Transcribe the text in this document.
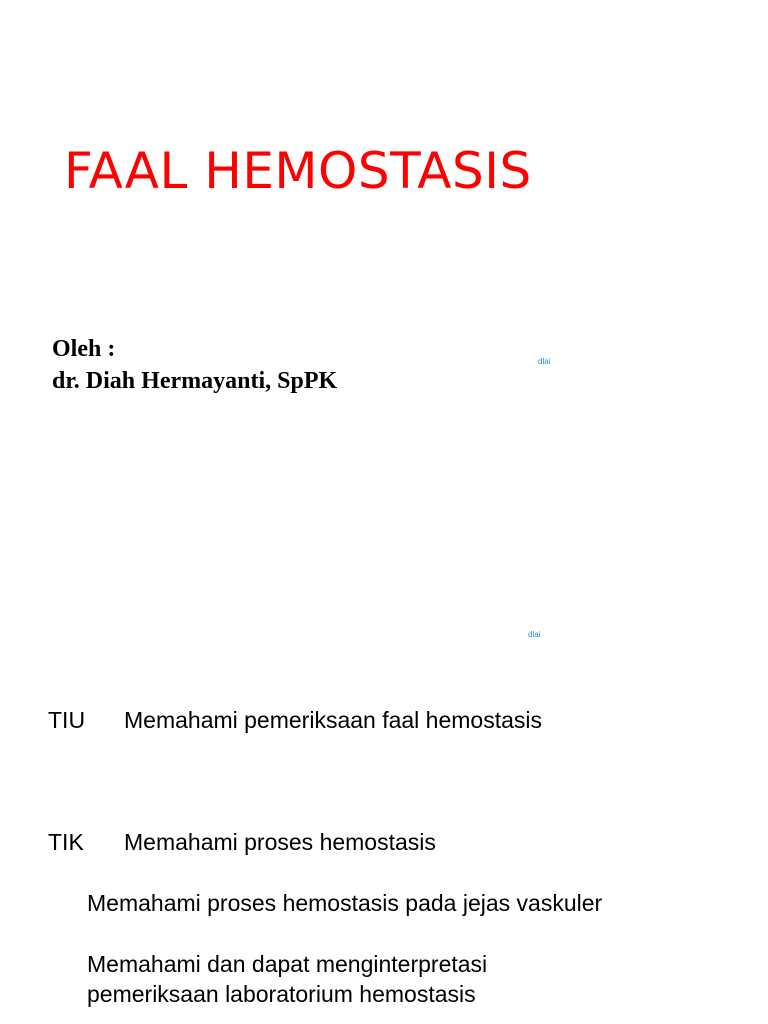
FAAL HEMOSTASIS
Oleh :
dr. Diah Hermayanti, SpPK
dlai
dlai
TIU Memahami pemeriksaan faal hemostasis
TIK Memahami proses hemostasis
Memahami proses hemostasis pada jejas vaskuler
Memahami dan dapat menginterpretasi
pemeriksaan laboratorium hemostasis
